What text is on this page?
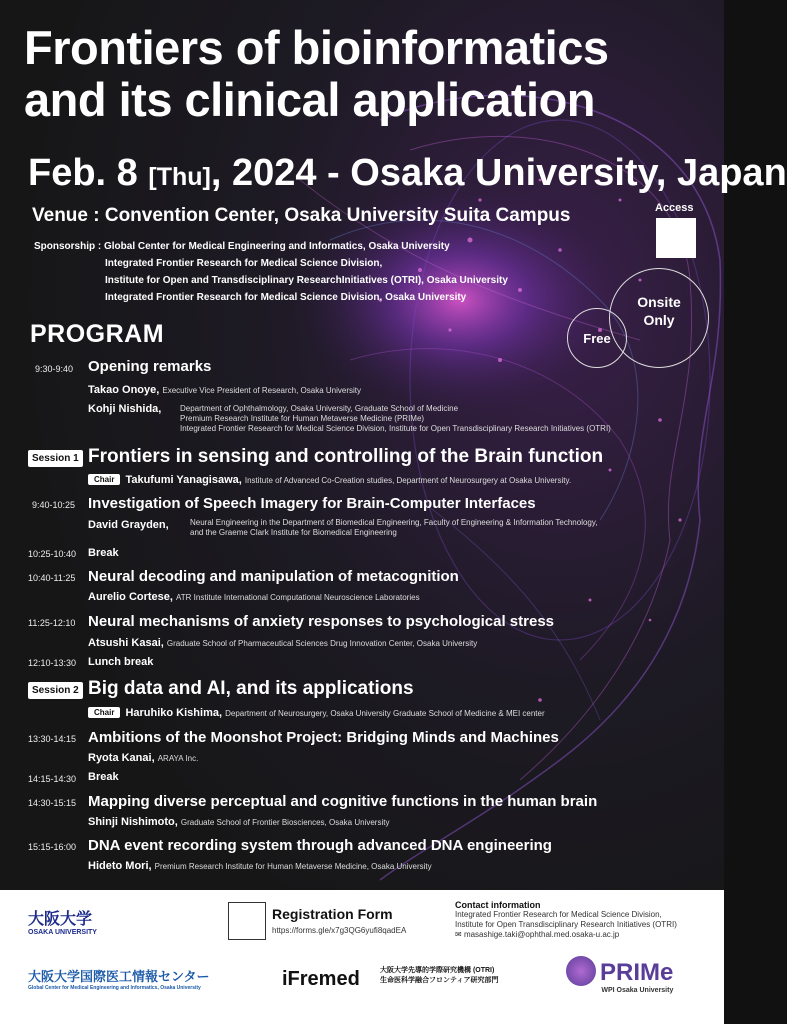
Frontiers of bioinformatics
and its clinical application
Feb. 8 [Thu], 2024 - Osaka University, Japan
Venue : Convention Center, Osaka University Suita Campus	Access
Sponsorship : Global Center for Medical Engineering and Informatics, Osaka University
Integrated Frontier Research for Medical Science Division,
Institute for Open and Transdisciplinary ResearchInitiatives (OTRI), Osaka University
Integrated Frontier Research for Medical Science Division, Osaka University	Onsite
Only
Free
PROGRAM
9:30-9:40 Opening remarks
Takao Onoye, Executive Vice President of Research, Osaka University
Kohji Nishida, Department of Ophthalmology, Osaka University, Graduate School of Medicine
Premium Research Institute for Human Metaverse Medicine (PRIMe)
Integrated Frontier Research for Medical Science Division, Institute for Open Transdisciplinary Research Initiatives (OTRI)
Session 1 Frontiers in sensing and controlling of the Brain function
Chair Takufumi Yanagisawa, Institute of Advanced Co-Creation studies, Department of Neurosurgery at Osaka University.
9:40-10:25 Investigation of Speech Imagery for Brain-Computer Interfaces
David Grayden,	Neural Engineering in the Department of Biomedical Engineering, Faculty of Engineering & Information Technology,
and the Graeme Clark Institute for Biomedical Engineering
10:25-10:40 Break
10:40-11:25 Neural decoding and manipulation of metacognition
Aurelio Cortese, ATR Institute International Computational Neuroscience Laboratories
11:25-12:10 Neural mechanisms of anxiety responses to psychological stress
Atsushi Kasai, Graduate School of Pharmaceutical Sciences Drug Innovation Center, Osaka University
12:10-13:30 Lunch break
Session 2 Big data and AI, and its applications
Chair Haruhiko Kishima, Department of Neurosurgery, Osaka University Graduate School of Medicine & MEI center
13:30-14:15 Ambitions of the Moonshot Project: Bridging Minds and Machines
Ryota Kanai, ARAYA Inc.
14:15-14:30 Break
14:30-15:15 Mapping diverse perceptual and cognitive functions in the human brain
Shinji Nishimoto, Graduate School of Frontier Biosciences, Osaka University
15:15-16:00 DNA event recording system through advanced DNA engineering
Hideto Mori, Premium Research Institute for Human Metaverse Medicine, Osaka University
大阪大学
OSAKA UNIVERSITY
Registration Form
https://forms.gle/x7g3QG6yufi8qadEA
Contact information
Integrated Frontier Research for Medical Science Division,
Institute for Open Transdisciplinary Research Initiatives (OTRI)
✉ masashige.taki@ophthal.med.osaka-u.ac.jp
大阪大学国際医工情報センター
Global Center for Medical Engineering and Informatics, Osaka University	iFremed	大阪大学先導的学際研究機構 (OTRI)
生命医科学融合フロンティア研究部門	PRIMe
WPI Osaka University
